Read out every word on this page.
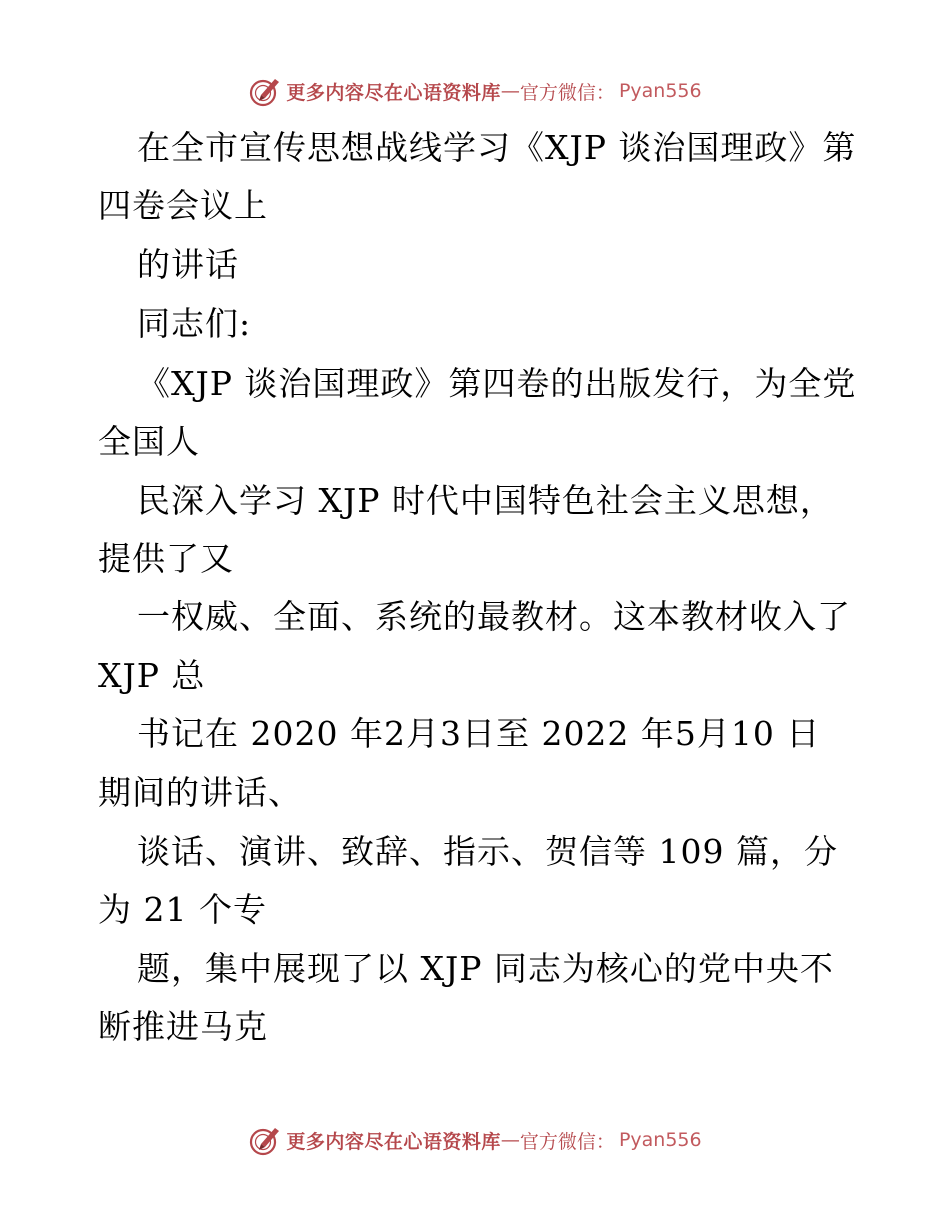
更多内容尽在心语资料库 — 官方微信： Pyan556
在全市宣传思想战线学习《XJP 谈治国理政》第
四卷会议上
的讲话
同志们:
《XJP 谈治国理政》第四卷的出版发行，为全党
全国人
民深入学习 XJP 时代中国特色社会主义思想，
提供了又
一权威、全面、系统的最教材。这本教材收入了
XJP 总
书记在 2020 年2月3日至 2022 年5月10 日
期间的讲话、
谈话、演讲、致辞、指示、贺信等 109 篇，分
为 21 个专
题，集中展现了以 XJP 同志为核心的党中央不
断推进马克
更多内容尽在心语资料库 — 官方微信： Pyan556
